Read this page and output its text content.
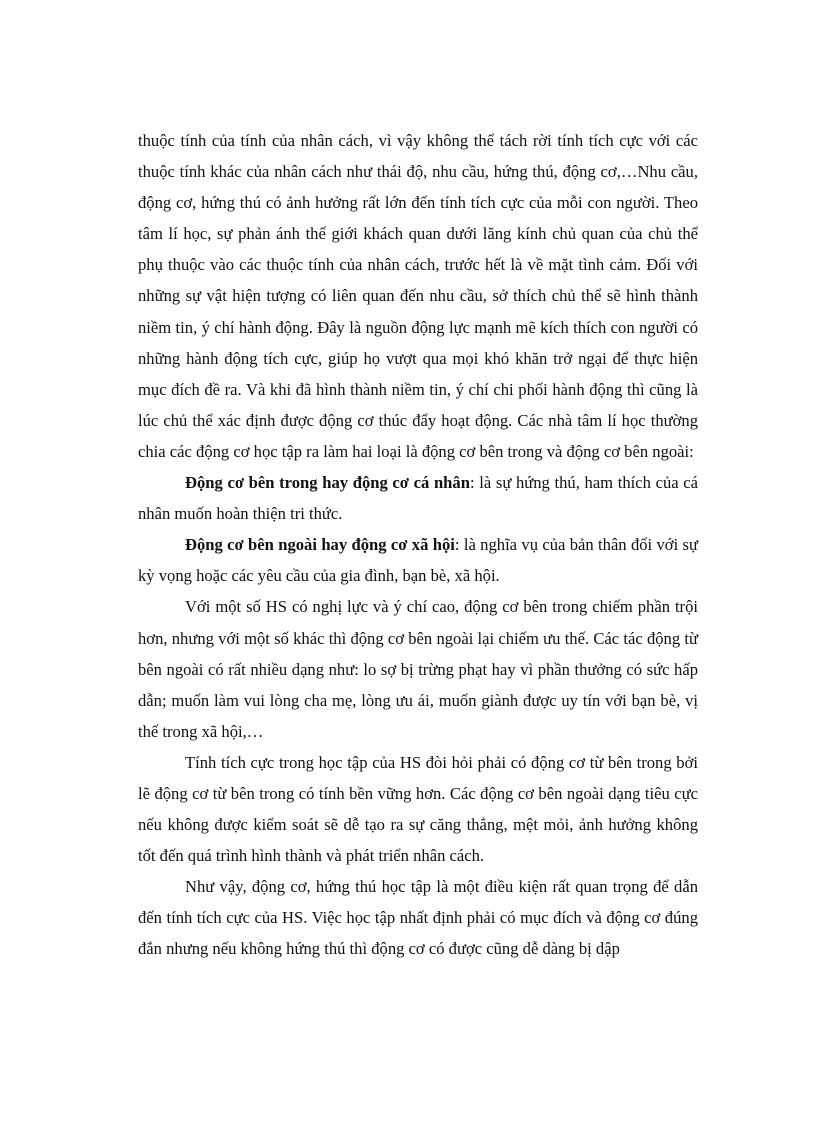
thuộc tính của tính của nhân cách, vì vậy không thể tách rời tính tích cực với các thuộc tính khác của nhân cách như thái độ, nhu cầu, hứng thú, động cơ,…Nhu cầu, động cơ, hứng thú có ảnh hưởng rất lớn đến tính tích cực của mỗi con người. Theo tâm lí học, sự phản ánh thế giới khách quan dưới lăng kính chủ quan của chủ thể phụ thuộc vào các thuộc tính của nhân cách, trước hết là về mặt tình cảm. Đối với những sự vật hiện tượng có liên quan đến nhu cầu, sở thích chủ thể sẽ hình thành niềm tin, ý chí hành động. Đây là nguồn động lực mạnh mẽ kích thích con người có những hành động tích cực, giúp họ vượt qua mọi khó khăn trở ngại để thực hiện mục đích đề ra. Và khi đã hình thành niềm tin, ý chí chi phối hành động thì cũng là lúc chủ thể xác định được động cơ thúc đẩy hoạt động. Các nhà tâm lí học thường chia các động cơ học tập ra làm hai loại là động cơ bên trong và động cơ bên ngoài:

Động cơ bên trong hay động cơ cá nhân: là sự hứng thú, ham thích của cá nhân muốn hoàn thiện tri thức.

Động cơ bên ngoài hay động cơ xã hội: là nghĩa vụ của bản thân đối với sự kỳ vọng hoặc các yêu cầu của gia đình, bạn bè, xã hội.

Với một số HS có nghị lực và ý chí cao, động cơ bên trong chiếm phần trội hơn, nhưng với một số khác thì động cơ bên ngoài lại chiếm ưu thế. Các tác động từ bên ngoài có rất nhiều dạng như: lo sợ bị trừng phạt hay vì phần thưởng có sức hấp dẫn; muốn làm vui lòng cha mẹ, lòng ưu ái, muốn giành được uy tín với bạn bè, vị thế trong xã hội,…

Tính tích cực trong học tập của HS đòi hỏi phải có động cơ từ bên trong bởi lẽ động cơ từ bên trong có tính bền vững hơn. Các động cơ bên ngoài dạng tiêu cực nếu không được kiểm soát sẽ dễ tạo ra sự căng thẳng, mệt mỏi, ảnh hưởng không tốt đến quá trình hình thành và phát triển nhân cách.

Như vậy, động cơ, hứng thú học tập là một điều kiện rất quan trọng để dẫn đến tính tích cực của HS. Việc học tập nhất định phải có mục đích và động cơ đúng đắn nhưng nếu không hứng thú thì động cơ có được cũng dễ dàng bị dập
